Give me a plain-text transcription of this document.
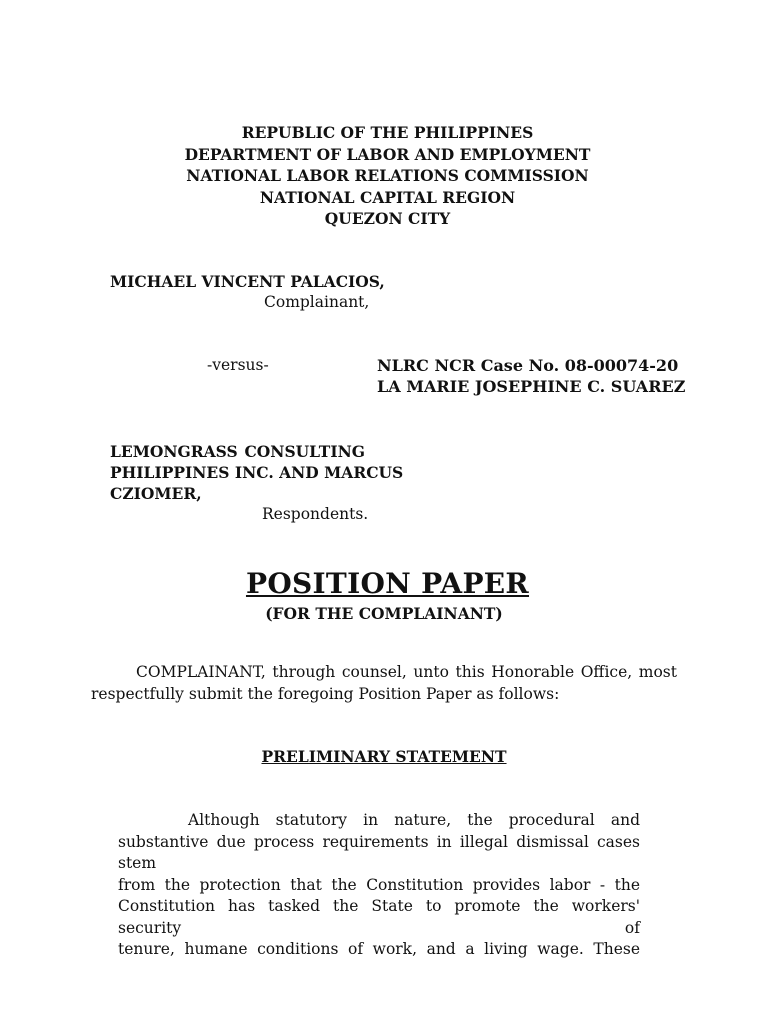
REPUBLIC OF THE PHILIPPINES
DEPARTMENT OF LABOR AND EMPLOYMENT
NATIONAL LABOR RELATIONS COMMISSION
NATIONAL CAPITAL REGION
QUEZON CITY
MICHAEL VINCENT PALACIOS,
Complainant,
-versus-	NLRC NCR Case No. 08-00074-20
LA MARIE JOSEPHINE C. SUAREZ
LEMONGRASS CONSULTING
PHILIPPINES INC. AND MARCUS
CZIOMER,
Respondents.
POSITION PAPER
(FOR THE COMPLAINANT)
COMPLAINANT, through counsel, unto this Honorable Office, most
respectfully submit the foregoing Position Paper as follows:
PRELIMINARY STATEMENT
Although statutory in nature, the procedural and
substantive due process requirements in illegal dismissal cases stem
from the protection that the Constitution provides labor - the
Constitution has tasked the State to promote the workers' security of
tenure, humane conditions of work, and a living wage. These
